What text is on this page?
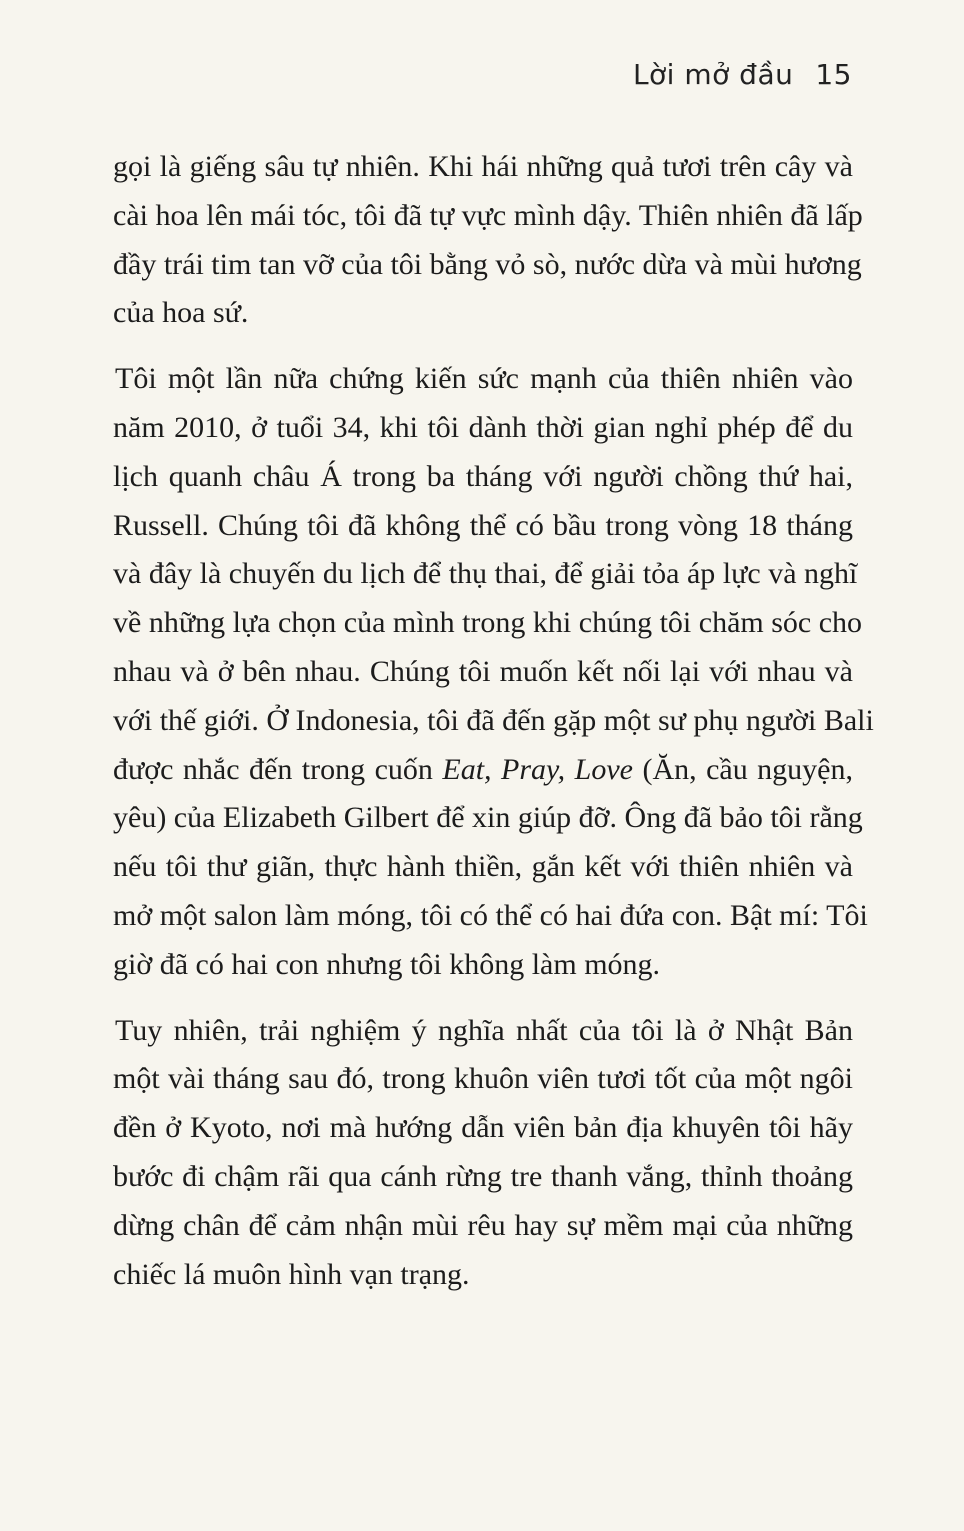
Lời mở đầu 15
gọi là giếng sâu tự nhiên. Khi hái những quả tươi trên cây và
cài hoa lên mái tóc, tôi đã tự vực mình dậy. Thiên nhiên đã lấp
đầy trái tim tan vỡ của tôi bằng vỏ sò, nước dừa và mùi hương
của hoa sứ.
Tôi một lần nữa chứng kiến sức mạnh của thiên nhiên vào
năm 2010, ở tuổi 34, khi tôi dành thời gian nghỉ phép để du
lịch quanh châu Á trong ba tháng với người chồng thứ hai,
Russell. Chúng tôi đã không thể có bầu trong vòng 18 tháng
và đây là chuyến du lịch để thụ thai, để giải tỏa áp lực và nghĩ
về những lựa chọn của mình trong khi chúng tôi chăm sóc cho
nhau và ở bên nhau. Chúng tôi muốn kết nối lại với nhau và
với thế giới. Ở Indonesia, tôi đã đến gặp một sư phụ người Bali
được nhắc đến trong cuốn Eat, Pray, Love (Ăn, cầu nguyện,
yêu) của Elizabeth Gilbert để xin giúp đỡ. Ông đã bảo tôi rằng
nếu tôi thư giãn, thực hành thiền, gắn kết với thiên nhiên và
mở một salon làm móng, tôi có thể có hai đứa con. Bật mí: Tôi
giờ đã có hai con nhưng tôi không làm móng.
Tuy nhiên, trải nghiệm ý nghĩa nhất của tôi là ở Nhật Bản
một vài tháng sau đó, trong khuôn viên tươi tốt của một ngôi
đền ở Kyoto, nơi mà hướng dẫn viên bản địa khuyên tôi hãy
bước đi chậm rãi qua cánh rừng tre thanh vắng, thỉnh thoảng
dừng chân để cảm nhận mùi rêu hay sự mềm mại của những
chiếc lá muôn hình vạn trạng.
